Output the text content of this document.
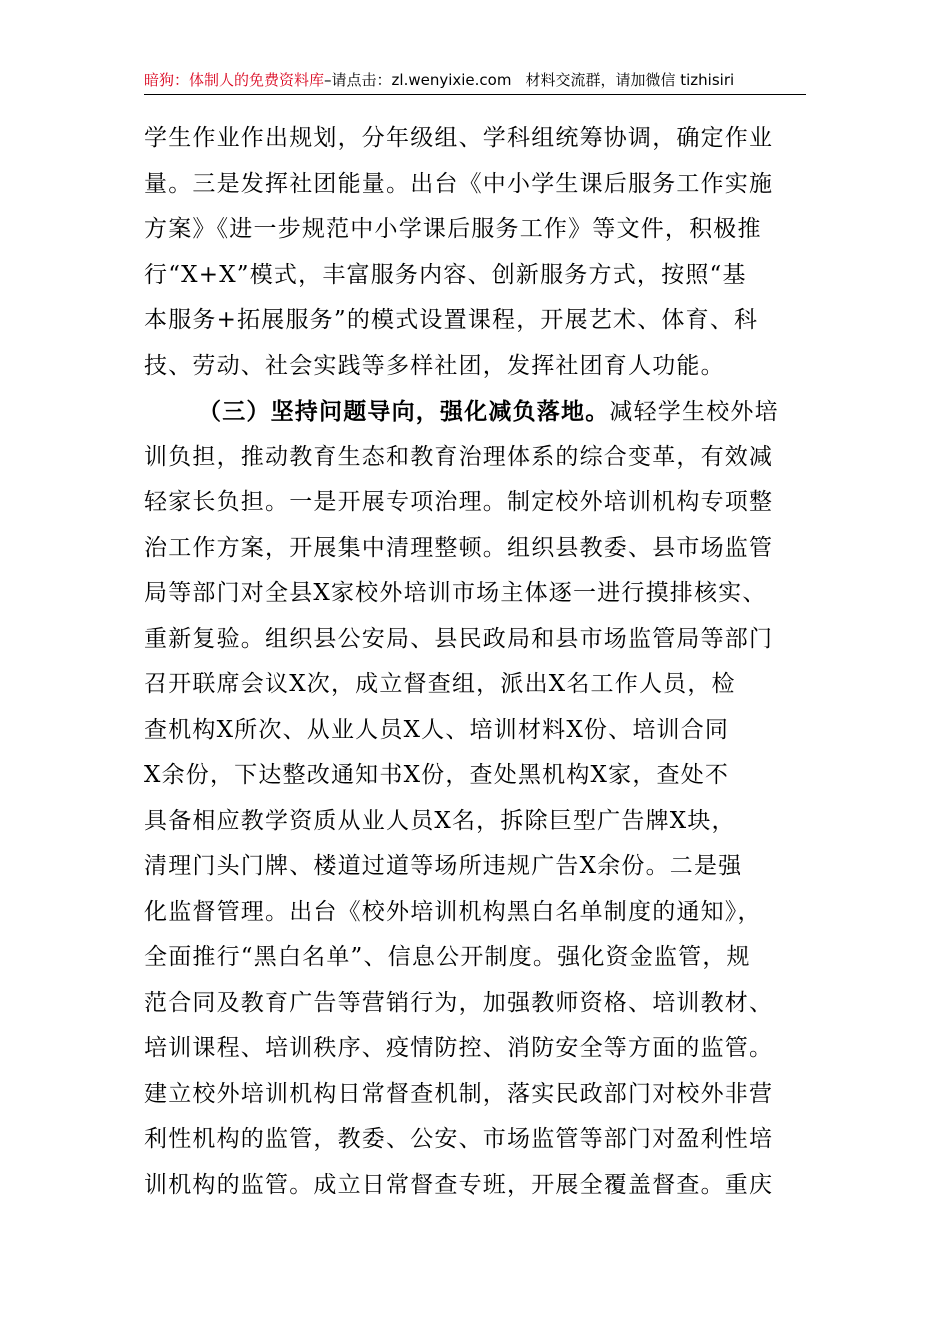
暗狗：体制人的免费资料库–请点击：zl.wenyixie.com 材料交流群，请加微信 tizhisiri
学生作业作出规划，分年级组、学科组统筹协调，确定作业
量。三是发挥社团能量。出台《中小学生课后服务工作实施
方案》《进一步规范中小学课后服务工作》等文件，积极推
行“X+X”模式，丰富服务内容、创新服务方式，按照“基
本服务+拓展服务”的模式设置课程，开展艺术、体育、科
技、劳动、社会实践等多样社团，发挥社团育人功能。
（三）坚持问题导向，强化减负落地。减轻学生校外培
训负担，推动教育生态和教育治理体系的综合变革，有效减
轻家长负担。一是开展专项治理。制定校外培训机构专项整
治工作方案，开展集中清理整顿。组织县教委、县市场监管
局等部门对全县X家校外培训市场主体逐一进行摸排核实、
重新复验。组织县公安局、县民政局和县市场监管局等部门
召开联席会议X次，成立督查组，派出X名工作人员，检
查机构X所次、从业人员X人、培训材料X份、培训合同
X余份，下达整改通知书X份，查处黑机构X家，查处不
具备相应教学资质从业人员X名，拆除巨型广告牌X块，
清理门头门牌、楼道过道等场所违规广告X余份。二是强
化监督管理。出台《校外培训机构黑白名单制度的通知》，
全面推行“黑白名单”、信息公开制度。强化资金监管，规
范合同及教育广告等营销行为，加强教师资格、培训教材、
培训课程、培训秩序、疫情防控、消防安全等方面的监管。
建立校外培训机构日常督查机制，落实民政部门对校外非营
利性机构的监管，教委、公安、市场监管等部门对盈利性培
训机构的监管。成立日常督查专班，开展全覆盖督查。重庆
